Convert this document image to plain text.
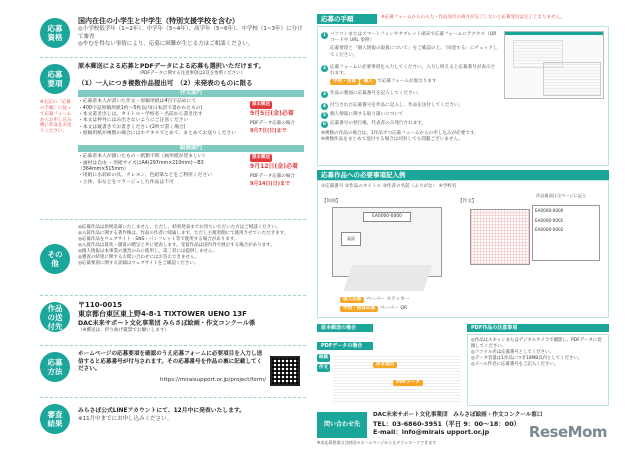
応募資格
国内在住の小学生と中学生（特別支援学校を含む）
◎小学校低学年（1~2年）、中学年（3~4年）、高学年（5~6年）、中学校（1~3年）に分けて審査
◎やむを得ない事情により、応募に困難が生じる方はご相談ください。
応募要項
※右記の「応募の手順」に従って応募フォームからお申し込み後に作品をお送りください。
原本郵送による応募とPDFデータによる応募も選択いただけます。
（PDFデータに関する注意事項は2頁を参照ください）
（1）一人につき複数作品提出可　（2）未発表のものに限る
作文部門
・応募者本人が書いた作文・原稿用紙は4百字詰めにて
・400字詰原稿用紙1枚～5枚以内(日本語で書かれたもの)
・本文書き出しは、タイトル・学校名・名前から書き出す
・本文は枠外にはみ出さないようにご注意ください
・本文は縦書きでお書きください(2枚で書く場合)
・原稿用紙が複数の場合にはホチキスでとめて、まとめてお送りください
原本郵送 9月5日(金)必着
PDFデータ応募の場合
9月7日(日)まで
絵画部門
・応募者本人が描いたもの・紙類不問（画用紙が望ましい）
・画材は自由 ・用紙サイズはA4(297mm×210mm)～B3（364mm×515mm）
・用紙に水彩絵の具、クレヨン、色鉛筆などをご利用ください
・立体、布などをコラージュした作品は不可
原本郵送 9月12日(金)必着
PDFデータ応募の場合
9月14日(日)まで
その他
◎応募作品は原則返却いたしません。ただし、結果発表までお待ちいただいた方はご相談ください。
◎入賞作品に関する著作権は、作品の作者に帰属します。ただし主催者側にて使用させていただきます。
◎応募作品をウェブサイト・SNS・パンフレット等で使用する場合があります。
◎入賞作品は賞状・副賞の贈呈と共に発表します。受賞作品は国内外で展示する場合があります。
◎個人情報は本事業の運営のみに使用し、第三者には提供しません。
◎審査の結果に関するお問い合わせにはお答えできません。
◎応募要項に関する詳細はウェブサイトをご確認ください。
作品の送付先
〒110-0015
東京都台東区東上野4-8-1 TIXTOWER UENO 13F
DAC未来サポート文化事業団 みらさぽ絵画・作文コンクール係
（※郵送は、折り曲げ厳禁でお願いします）
応募方法
ホームページの応募要項を確認のうえ応募フォームに必要項目を入力し送信すると応募番号が付与されます。その応募番号を作品の裏に記載してください。
https://miraisupport.or.jp/project/form/
審査結果
みらさぽ公式LINEアカウントにて、12月中に発表いたします。
※11月中までにお申し込みください。
応募の手順	※応募フォームからの入力・作品送付の両方が完了しないと応募受付は完了となりません。
1 パソコンまたはスマートフォンやタブレット端末で応募フォームにアクセス（QRコードや URL 参照）
応募要項と「個人情報の取扱について」をご確認の上、「同意する」にチェックしてください。
2 応募フォームに必要事項を入力してください。入力し終えると応募番号が表示されます。
学校・団体 個人 で応募フォームが異なります
3 作品の裏面に応募番号を記入してください。
4 付与された応募番号を作品に記入し、作品を送付してください。
5 個人情報に関する取り扱いについて
6 応募番号の発行後、代表者のみ発行されます。
※複数の作品の場合は、1作品ずつ応募フォームからの申し込みが必要です。
※複数作品をまとめて送付する場合は同封しても問題ございません。
応募作品への必要事項記入例
①応募番号 ②作品のタイトル ③作者の名前（ふりがな） ④学校名
【絵画】
EA0000-0000
裏面
【作文】
EA0000-0000
EA0000-0001
EA0000-0002
作品裏面は全ページに記入
個人応募	ペーパー ステッカー
学校・団体応募	ペーパー QR
原本郵送の場合
PDFデータの場合
絵画
作文
原本提出
PDFデータ
PDF作品の注意事項
◎作品はスキャンまたはデジタルカメラで撮影し、PDFデータに変換してください。
◎ファイル名は応募番号としてください。
◎データ容量は1作品につき10MB以内としてください。
◎メール件名に応募番号をご記入ください。
問い合わせ先
DAC未来サポート文化事業団　みらさぽ絵画・作文コンクール窓口
TEL：03-6860-3951（平日 9：00～18：00）
E-mail：info@mirais upport.or.jp
※本応募要項は当財団のホームページからもダウンロードできます
ReseMom
